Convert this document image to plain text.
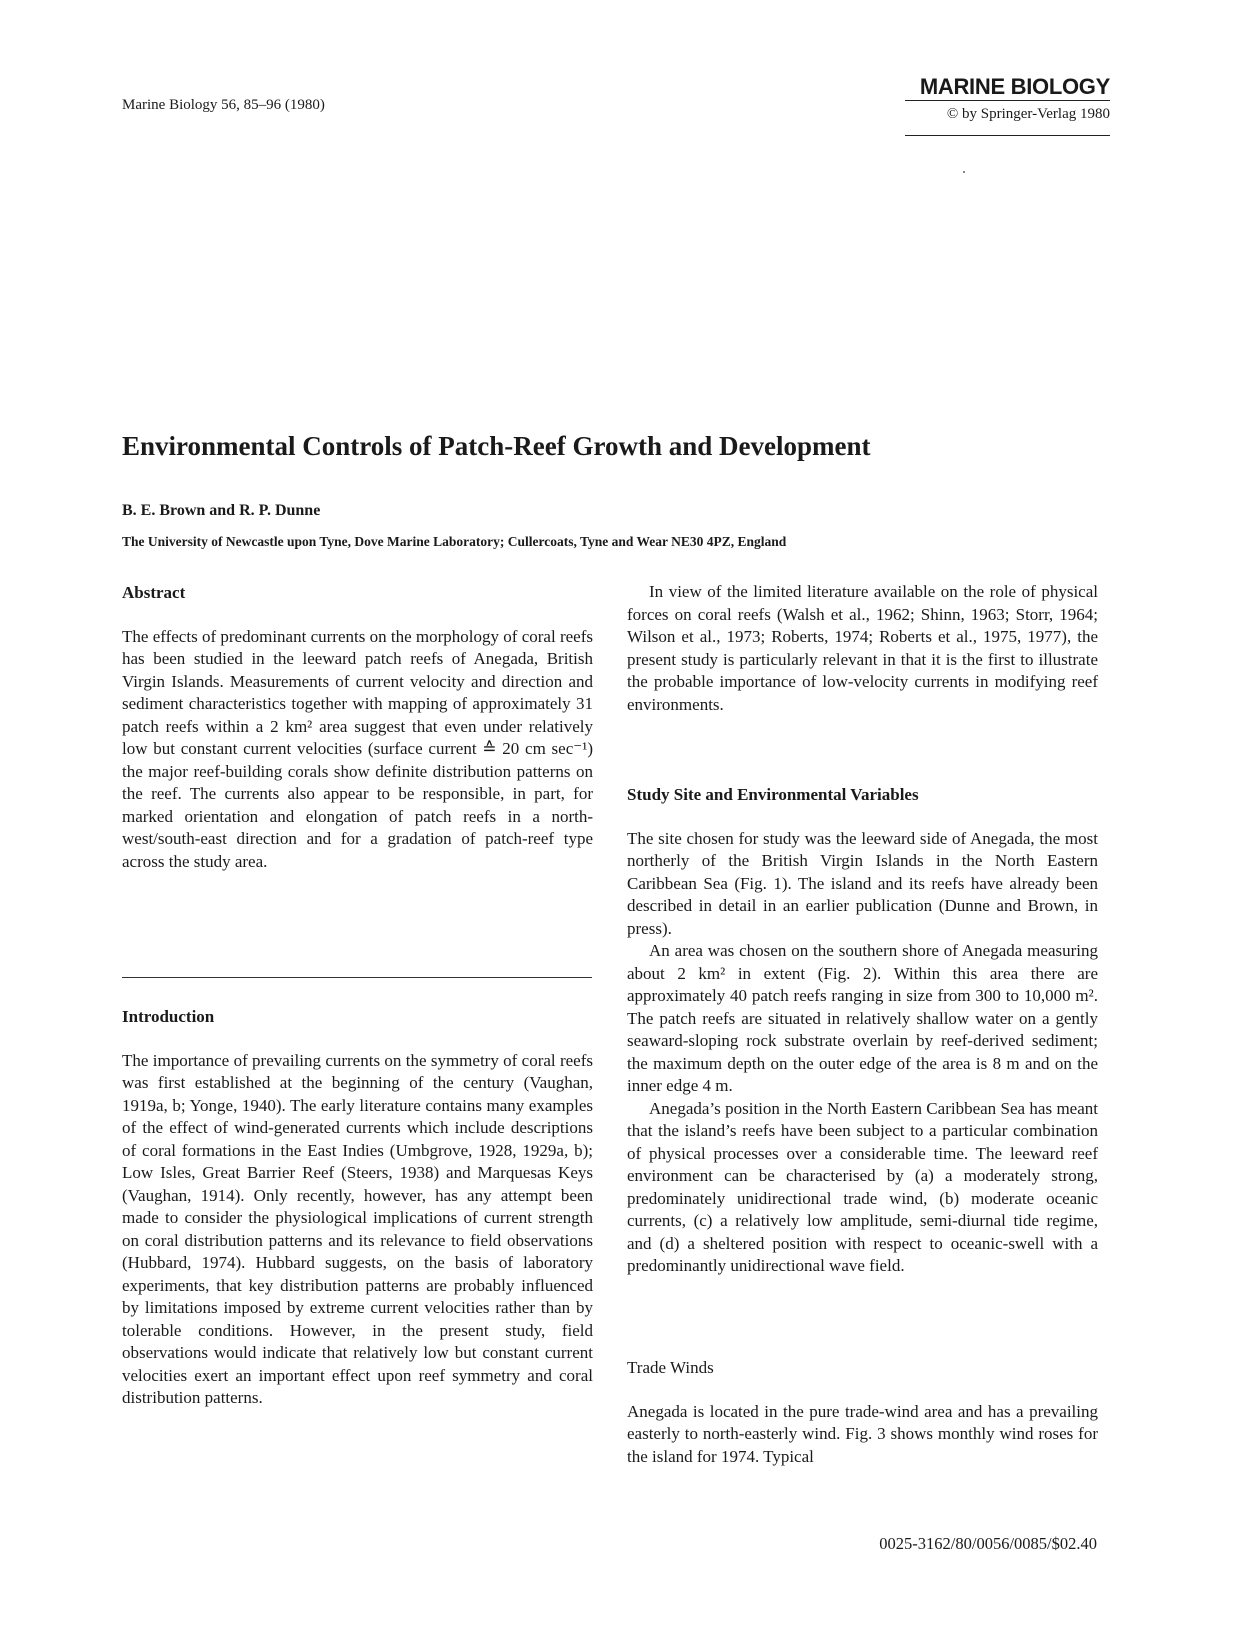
Marine Biology 56, 85–96 (1980)
MARINE BIOLOGY
© by Springer-Verlag 1980
Environmental Controls of Patch-Reef Growth and Development
B. E. Brown and R. P. Dunne
The University of Newcastle upon Tyne, Dove Marine Laboratory; Cullercoats, Tyne and Wear NE30 4PZ, England
Abstract

The effects of predominant currents on the morphology of coral reefs has been studied in the leeward patch reefs of Anegada, British Virgin Islands. Measurements of current velocity and direction and sediment characteristics together with mapping of approximately 31 patch reefs within a 2 km² area suggest that even under relatively low but constant current velocities (surface current ≙ 20 cm sec⁻¹) the major reef-building corals show definite distribution patterns on the reef. The currents also appear to be responsible, in part, for marked orientation and elongation of patch reefs in a north-west/south-east direction and for a gradation of patch-reef type across the study area.

Introduction

The importance of prevailing currents on the symmetry of coral reefs was first established at the beginning of the century (Vaughan, 1919a, b; Yonge, 1940). The early literature contains many examples of the effect of wind-generated currents which include descriptions of coral formations in the East Indies (Umbgrove, 1928, 1929a, b); Low Isles, Great Barrier Reef (Steers, 1938) and Marquesas Keys (Vaughan, 1914). Only recently, however, has any attempt been made to consider the physiological implications of current strength on coral distribution patterns and its relevance to field observations (Hubbard, 1974). Hubbard suggests, on the basis of laboratory experiments, that key distribution patterns are probably influenced by limitations imposed by extreme current velocities rather than by tolerable conditions. However, in the present study, field observations would indicate that relatively low but constant current velocities exert an important effect upon reef symmetry and coral distribution patterns.

In view of the limited literature available on the role of physical forces on coral reefs (Walsh et al., 1962; Shinn, 1963; Storr, 1964; Wilson et al., 1973; Roberts, 1974; Roberts et al., 1975, 1977), the present study is particularly relevant in that it is the first to illustrate the probable importance of low-velocity currents in modifying reef environments.

Study Site and Environmental Variables

The site chosen for study was the leeward side of Anegada, the most northerly of the British Virgin Islands in the North Eastern Caribbean Sea (Fig. 1). The island and its reefs have already been described in detail in an earlier publication (Dunne and Brown, in press).

An area was chosen on the southern shore of Anegada measuring about 2 km² in extent (Fig. 2). Within this area there are approximately 40 patch reefs ranging in size from 300 to 10,000 m². The patch reefs are situated in relatively shallow water on a gently seaward-sloping rock substrate overlain by reef-derived sediment; the maximum depth on the outer edge of the area is 8 m and on the inner edge 4 m.

Anegada’s position in the North Eastern Caribbean Sea has meant that the island’s reefs have been subject to a particular combination of physical processes over a considerable time. The leeward reef environment can be characterised by (a) a moderately strong, predominately unidirectional trade wind, (b) moderate oceanic currents, (c) a relatively low amplitude, semi-diurnal tide regime, and (d) a sheltered position with respect to oceanic-swell with a predominantly unidirectional wave field.

Trade Winds

Anegada is located in the pure trade-wind area and has a prevailing easterly to north-easterly wind. Fig. 3 shows monthly wind roses for the island for 1974. Typical

0025-3162/80/0056/0085/$02.40
